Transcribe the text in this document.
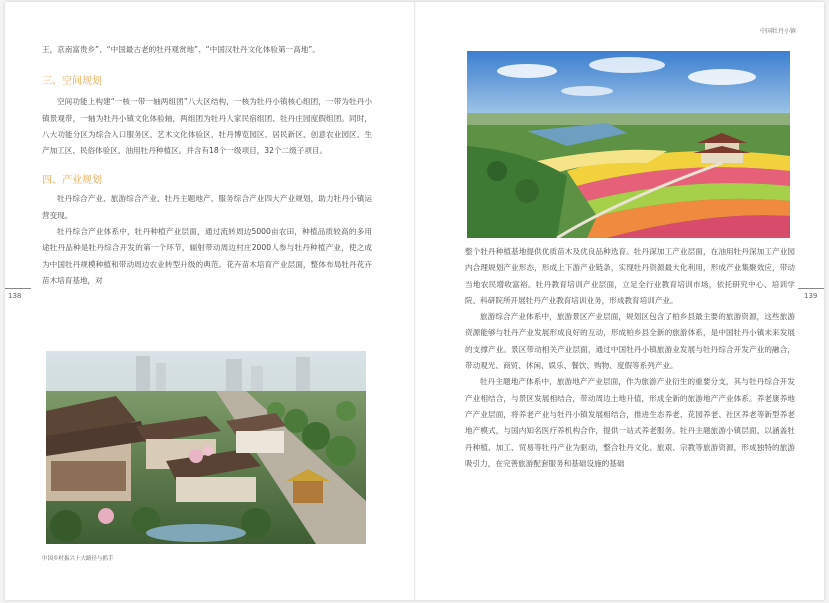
中国牡丹小镇

王，京南富贵乡”、“中国最古老的牡丹观赏地”、“中国汉牡丹文化体验第一高地”。

三、空间规划

空间功能上构建“一核一带一轴两组团”八大区结构，一核为牡丹小镇核心组团，一带为牡丹小镇景观带，一轴为牡丹小镇文化体验轴，两组团为牡丹人家民宿组团、牡丹庄园度假组团。同时，八大功能分区为综合入口服务区、艺术文化体验区、牡丹博览园区、居民新区、创意农业园区、生产加工区、民俗体验区、油用牡丹种植区。并含有18个一级项目，32个二级子项目。

四、产业规划

牡丹综合产业、旅游综合产业、牡丹主题地产、服务综合产业四大产业规划，助力牡丹小镇运营变现。

牡丹综合产业体系中，牡丹种植产业层面，通过流转周边5000亩农田，种植品质较高的多用途牡丹品种是牡丹综合开发的第一个环节，辐射带动周边村庄2000人参与牡丹种植产业，使之成为中国牡丹规模种植和带动周边农业转型升级的典范。花卉苗木培育产业层面，整体布局牡丹花卉苗木培育基地，对

整个牡丹种植基地提供优质苗木及优良品种选育。牡丹深加工产业层面，在油用牡丹深加工产业园内合理规划产业形态，形成上下游产业链条，实现牡丹资源最大化利用，形成产业集聚效应，带动当地农民增收富裕。牡丹教育培训产业层面，立足全行业教育培训市场，依托研究中心、培训学院、科研院所开展牡丹产业教育培训业务，形成教育培训产业。

旅游综合产业体系中，旅游景区产业层面，规划区包含了柏乡县最主要的旅游资源，这些旅游资源能够与牡丹产业发展形成良好的互动，形成柏乡县全新的旅游体系，是中国牡丹小镇未来发展的支撑产业。景区带动相关产业层面，通过中国牡丹小镇旅游业发展与牡丹综合开发产业的融合，带动观光、商贸、休闲、娱乐、餐饮、购物、度假等系列产业。

牡丹主题地产体系中，旅游地产产业层面，作为旅游产业衍生的重要分支，其与牡丹综合开发产业相结合，与景区发展相结合，带动周边土地升值，形成全新的旅游地产产业体系。养老康养地产产业层面，将养老产业与牡丹小镇发展相结合，推进生态养老、花园养老、社区养老等新型养老地产模式，与国内知名医疗养机构合作，提供一站式养老服务。牡丹主题旅游小镇层面，以涵盖牡丹种植、加工、贸易等牡丹产业为驱动，整合牡丹文化、旅艰、宗教等旅游资源，形成独特的旅游吸引力，在完善旅游配套服务和基础设施的基础

中国乡村振兴十大路径与抓手
138	139
